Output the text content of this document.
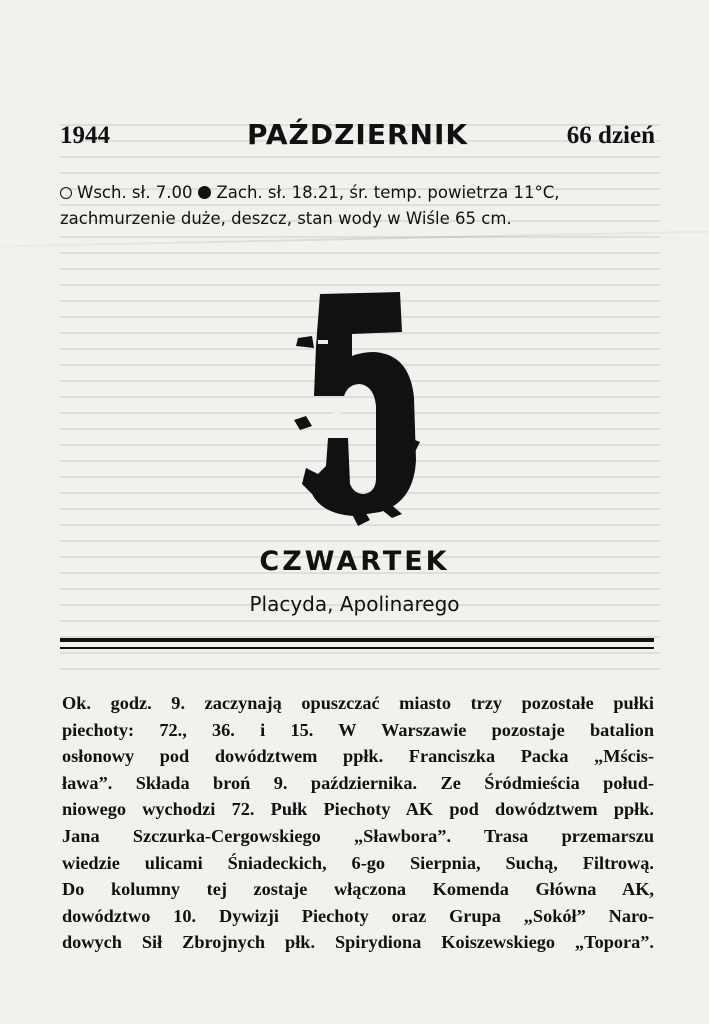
1944	PAŹDZIERNIK	66 dzień
Wsch. sł. 7.00 Zach. sł. 18.21, śr. temp. powietrza 11°C,
zachmurzenie duże, deszcz, stan wody w Wiśle 65 cm.
CZWARTEK
Placyda, Apolinarego
Ok. godz. 9. zaczynają opuszczać miasto trzy pozostałe pułki
piechoty: 72., 36. i 15. W Warszawie pozostaje batalion
osłonowy pod dowództwem ppłk. Franciszka Packa „Mścis-
ława”. Składa broń 9. października. Ze Śródmieścia połud-
niowego wychodzi 72. Pułk Piechoty AK pod dowództwem ppłk.
Jana Szczurka-Cergowskiego „Sławbora”. Trasa przemarszu
wiedzie ulicami Śniadeckich, 6-go Sierpnia, Suchą, Filtrową.
Do kolumny tej zostaje włączona Komenda Główna AK,
dowództwo 10. Dywizji Piechoty oraz Grupa „Sokół” Naro-
dowych Sił Zbrojnych płk. Spirydiona Koiszewskiego „Topora”.
